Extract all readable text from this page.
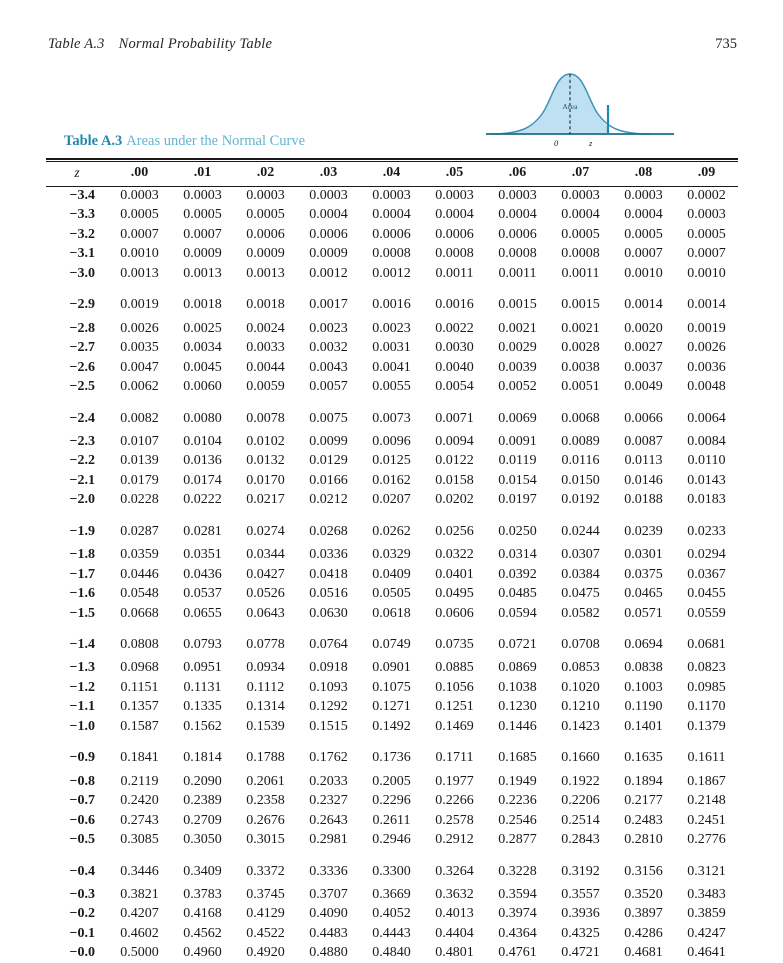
Table A.3 Normal Probability Table	735
Area
0	z
Table A.3 Areas under the Normal Curve

z	.00	.01	.02	.03	.04	.05	.06	.07	.08	.09
−3.4	0.0003	0.0003	0.0003	0.0003	0.0003	0.0003	0.0003	0.0003	0.0003	0.0002
−3.3	0.0005	0.0005	0.0005	0.0004	0.0004	0.0004	0.0004	0.0004	0.0004	0.0003
−3.2	0.0007	0.0007	0.0006	0.0006	0.0006	0.0006	0.0006	0.0005	0.0005	0.0005
−3.1	0.0010	0.0009	0.0009	0.0009	0.0008	0.0008	0.0008	0.0008	0.0007	0.0007
−3.0	0.0013	0.0013	0.0013	0.0012	0.0012	0.0011	0.0011	0.0011	0.0010	0.0010
−2.9	0.0019	0.0018	0.0018	0.0017	0.0016	0.0016	0.0015	0.0015	0.0014	0.0014
−2.8	0.0026	0.0025	0.0024	0.0023	0.0023	0.0022	0.0021	0.0021	0.0020	0.0019
−2.7	0.0035	0.0034	0.0033	0.0032	0.0031	0.0030	0.0029	0.0028	0.0027	0.0026
−2.6	0.0047	0.0045	0.0044	0.0043	0.0041	0.0040	0.0039	0.0038	0.0037	0.0036
−2.5	0.0062	0.0060	0.0059	0.0057	0.0055	0.0054	0.0052	0.0051	0.0049	0.0048
−2.4	0.0082	0.0080	0.0078	0.0075	0.0073	0.0071	0.0069	0.0068	0.0066	0.0064
−2.3	0.0107	0.0104	0.0102	0.0099	0.0096	0.0094	0.0091	0.0089	0.0087	0.0084
−2.2	0.0139	0.0136	0.0132	0.0129	0.0125	0.0122	0.0119	0.0116	0.0113	0.0110
−2.1	0.0179	0.0174	0.0170	0.0166	0.0162	0.0158	0.0154	0.0150	0.0146	0.0143
−2.0	0.0228	0.0222	0.0217	0.0212	0.0207	0.0202	0.0197	0.0192	0.0188	0.0183
−1.9	0.0287	0.0281	0.0274	0.0268	0.0262	0.0256	0.0250	0.0244	0.0239	0.0233
−1.8	0.0359	0.0351	0.0344	0.0336	0.0329	0.0322	0.0314	0.0307	0.0301	0.0294
−1.7	0.0446	0.0436	0.0427	0.0418	0.0409	0.0401	0.0392	0.0384	0.0375	0.0367
−1.6	0.0548	0.0537	0.0526	0.0516	0.0505	0.0495	0.0485	0.0475	0.0465	0.0455
−1.5	0.0668	0.0655	0.0643	0.0630	0.0618	0.0606	0.0594	0.0582	0.0571	0.0559
−1.4	0.0808	0.0793	0.0778	0.0764	0.0749	0.0735	0.0721	0.0708	0.0694	0.0681
−1.3	0.0968	0.0951	0.0934	0.0918	0.0901	0.0885	0.0869	0.0853	0.0838	0.0823
−1.2	0.1151	0.1131	0.1112	0.1093	0.1075	0.1056	0.1038	0.1020	0.1003	0.0985
−1.1	0.1357	0.1335	0.1314	0.1292	0.1271	0.1251	0.1230	0.1210	0.1190	0.1170
−1.0	0.1587	0.1562	0.1539	0.1515	0.1492	0.1469	0.1446	0.1423	0.1401	0.1379
−0.9	0.1841	0.1814	0.1788	0.1762	0.1736	0.1711	0.1685	0.1660	0.1635	0.1611
−0.8	0.2119	0.2090	0.2061	0.2033	0.2005	0.1977	0.1949	0.1922	0.1894	0.1867
−0.7	0.2420	0.2389	0.2358	0.2327	0.2296	0.2266	0.2236	0.2206	0.2177	0.2148
−0.6	0.2743	0.2709	0.2676	0.2643	0.2611	0.2578	0.2546	0.2514	0.2483	0.2451
−0.5	0.3085	0.3050	0.3015	0.2981	0.2946	0.2912	0.2877	0.2843	0.2810	0.2776
−0.4	0.3446	0.3409	0.3372	0.3336	0.3300	0.3264	0.3228	0.3192	0.3156	0.3121
−0.3	0.3821	0.3783	0.3745	0.3707	0.3669	0.3632	0.3594	0.3557	0.3520	0.3483
−0.2	0.4207	0.4168	0.4129	0.4090	0.4052	0.4013	0.3974	0.3936	0.3897	0.3859
−0.1	0.4602	0.4562	0.4522	0.4483	0.4443	0.4404	0.4364	0.4325	0.4286	0.4247
−0.0	0.5000	0.4960	0.4920	0.4880	0.4840	0.4801	0.4761	0.4721	0.4681	0.4641
